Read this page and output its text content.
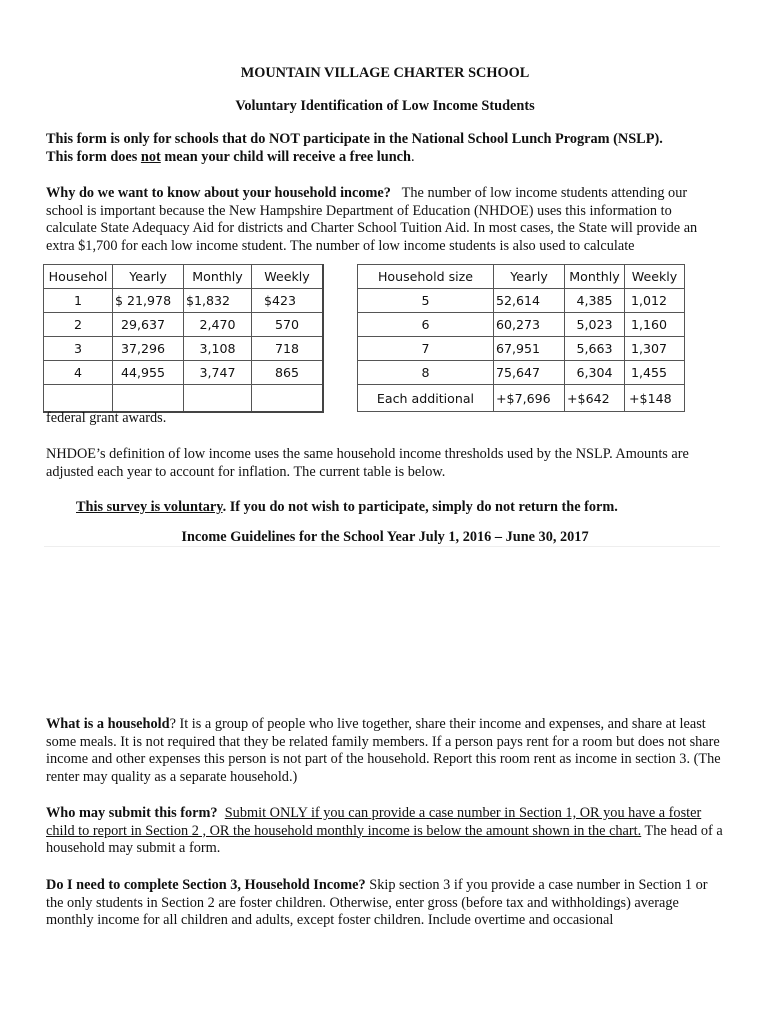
MOUNTAIN VILLAGE CHARTER SCHOOL

Voluntary Identification of Low Income Students

This form is only for schools that do NOT participate in the National School Lunch Program (NSLP).

This form does not mean your child will receive a free lunch.

Why do we want to know about your household income? The number of low income students attending our school is important because the New Hampshire Department of Education (NHDOE) uses this information to calculate State Adequacy Aid for districts and Charter School Tuition Aid. In most cases, the State will provide an extra $1,700 for each low income student. The number of low income students is also used to calculate

Househol	Yearly	Monthly	Weekly
1	$ 21,978	$1,832	$423
2	29,637	2,470	570
3	37,296	3,108	718
4	44,955	3,747	865

Household size	Yearly	Monthly	Weekly
5	52,614	4,385	1,012
6	60,273	5,023	1,160
7	67,951	5,663	1,307
8	75,647	6,304	1,455
Each additional	+$7,696	+$642	+$148

federal grant awards.

NHDOE’s definition of low income uses the same household income thresholds used by the NSLP. Amounts are adjusted each year to account for inflation. The current table is below.

This survey is voluntary. If you do not wish to participate, simply do not return the form.

Income Guidelines for the School Year July 1, 2016 – June 30, 2017

What is a household? It is a group of people who live together, share their income and expenses, and share at least some meals. It is not required that they be related family members. If a person pays rent for a room but does not share income and other expenses this person is not part of the household. Report this room rent as income in section 3. (The renter may quality as a separate household.)

Who may submit this form? Submit ONLY if you can provide a case number in Section 1, OR you have a foster child to report in Section 2 , OR the household monthly income is below the amount shown in the chart. The head of a household may submit a form.

Do I need to complete Section 3, Household Income? Skip section 3 if you provide a case number in Section 1 or the only students in Section 2 are foster children. Otherwise, enter gross (before tax and withholdings) average monthly income for all children and adults, except foster children. Include overtime and occasional
